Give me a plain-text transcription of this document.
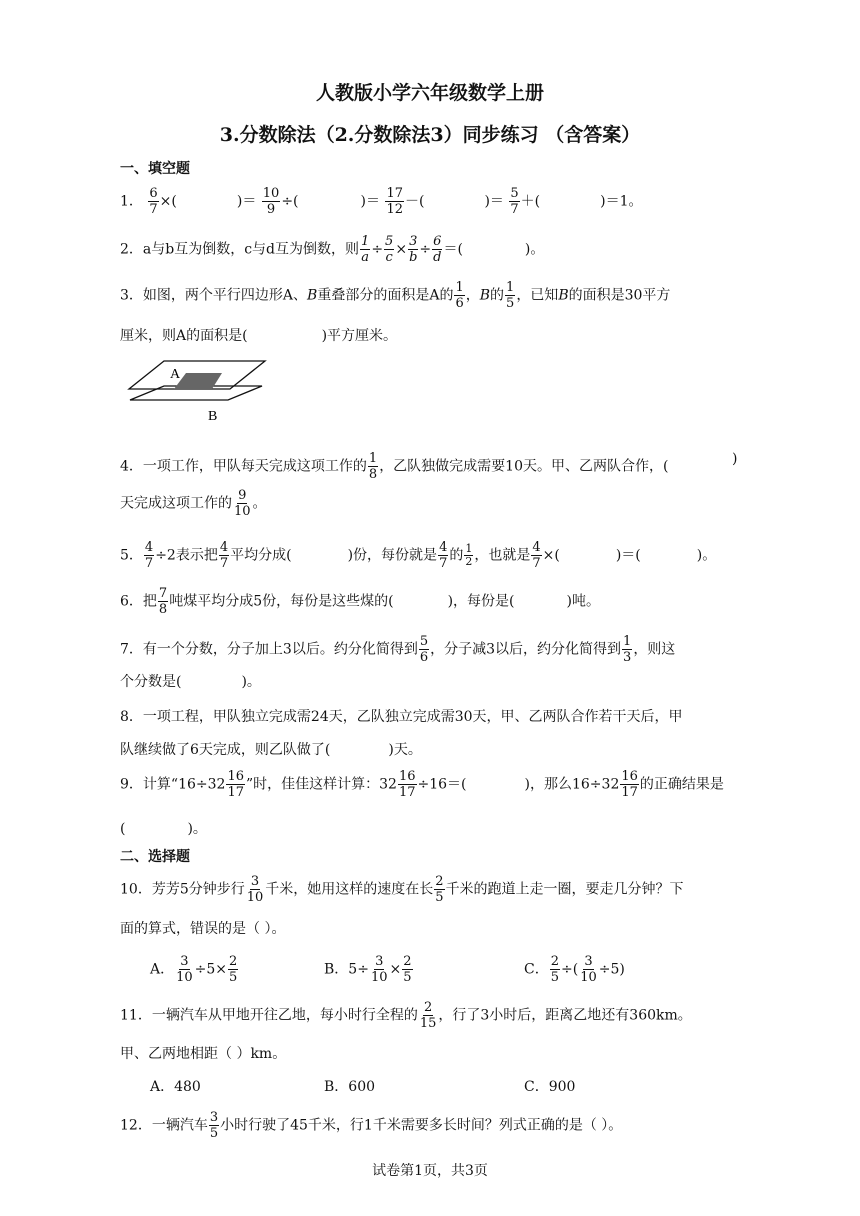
人教版小学六年级数学上册
3.分数除法（2.分数除法3）同步练习 （含答案）
一、填空题
1． $\frac{6}{7}$ ×(	)＝ $\frac{10}{9}$ ÷(	)＝ $\frac{17}{12}$ －(	)＝ $\frac{5}{7}$ ＋(	)＝1。
2．a与b互为倒数，c与d互为倒数，则 $\frac{1}{a} \div \frac{5}{c} \times \frac{3}{b} \div \frac{6}{d}$ ＝(	)。
3．如图，两个平行四边形A、B重叠部分的面积是A的 $\frac{1}{6}$ ，B的 $\frac{1}{5}$ ，已知B的面积是30平方
厘米，则A的面积是(	)平方厘米。
A
B
4．一项工作，甲队每天完成这项工作的 $\frac{1}{8}$ ，乙队独做完成需要10天。甲、乙两队合作，(	)
天完成这项工作的 $\frac{9}{10}$ 。
5． $\frac{4}{7} \div 2$表示把 $\frac{4}{7}$ 平均分成(	)份，每份就是 $\frac{4}{7}$ 的 $\frac{1}{2}$ ，也就是 $\frac{4}{7}$ ×(	)＝(	)。
6．把 $\frac{7}{8}$ 吨煤平均分成5份，每份是这些煤的(	)，每份是(	)吨。
7．有一个分数，分子加上3以后。约分化简得到 $\frac{5}{6}$ ，分子减3以后，约分化简得到 $\frac{1}{3}$ ，则这
个分数是(	)。
8．一项工程，甲队独立完成需24天，乙队独立完成需30天，甲、乙两队合作若干天后，甲
队继续做了6天完成，则乙队做了(	)天。
9．计算“$16\div 32 \frac{16}{17}$ ”时，佳佳这样计算：$32 \frac{16}{17} \div 16=$(	)，那么$16\div 32 \frac{16}{17}$ 的正确结果是
(	)。
二、选择题
10．芳芳5分钟步行 $\frac{3}{10}$ 千米，她用这样的速度在长 $\frac{2}{5}$ 千米的跑道上走一圈，要走几分钟？下
面的算式，错误的是（ ）。
A． $\frac{3}{10} \div 5\times \frac{2}{5}$	B．$5\div \frac{3}{10} \times \frac{2}{5}$	C． $\frac{2}{5}$ ÷( $\frac{3}{10} \div 5$)
11．一辆汽车从甲地开往乙地，每小时行全程的 $\frac{2}{15}$ ，行了3小时后，距离乙地还有360km。
甲、乙两地相距（ ）km。
A．480	B．600	C．900
12．一辆汽车 $\frac{3}{5}$ 小时行驶了45千米，行1千米需要多长时间？列式正确的是（ ）。
试卷第1页，共3页
